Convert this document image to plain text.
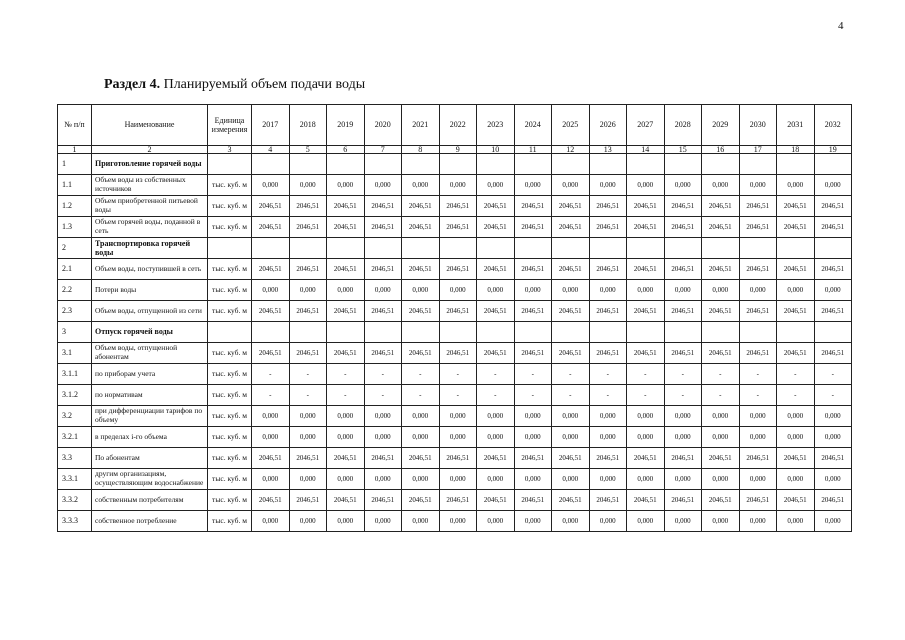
4
Раздел 4. Планируемый объем подачи воды
№ п/п	Наименование	Единица измерения	2017	2018	2019	2020	2021	2022	2023	2024	2025	2026	2027	2028	2029	2030	2031	2032
1	2	3	4	5	6	7	8	9	10	11	12	13	14	15	16	17	18	19
1	Приготовление горячей воды																	
1.1	Объем воды из собственных источников	тыс. куб. м	0,000	0,000	0,000	0,000	0,000	0,000	0,000	0,000	0,000	0,000	0,000	0,000	0,000	0,000	0,000	0,000
1.2	Объем приобретенной питьевой воды	тыс. куб. м	2046,51	2046,51	2046,51	2046,51	2046,51	2046,51	2046,51	2046,51	2046,51	2046,51	2046,51	2046,51	2046,51	2046,51	2046,51	2046,51
1.3	Объем горячей воды, поданной в сеть	тыс. куб. м	2046,51	2046,51	2046,51	2046,51	2046,51	2046,51	2046,51	2046,51	2046,51	2046,51	2046,51	2046,51	2046,51	2046,51	2046,51	2046,51
2	Транспортировка горячей воды																	
2.1	Объем воды, поступившей в сеть	тыс. куб. м	2046,51	2046,51	2046,51	2046,51	2046,51	2046,51	2046,51	2046,51	2046,51	2046,51	2046,51	2046,51	2046,51	2046,51	2046,51	2046,51
2.2	Потери воды	тыс. куб. м	0,000	0,000	0,000	0,000	0,000	0,000	0,000	0,000	0,000	0,000	0,000	0,000	0,000	0,000	0,000	0,000
2.3	Объем воды, отпущенной из сети	тыс. куб. м	2046,51	2046,51	2046,51	2046,51	2046,51	2046,51	2046,51	2046,51	2046,51	2046,51	2046,51	2046,51	2046,51	2046,51	2046,51	2046,51
3	Отпуск горячей воды																	
3.1	Объем воды, отпущенной абонентам	тыс. куб. м	2046,51	2046,51	2046,51	2046,51	2046,51	2046,51	2046,51	2046,51	2046,51	2046,51	2046,51	2046,51	2046,51	2046,51	2046,51	2046,51
3.1.1	по приборам учета	тыс. куб. м	-	-	-	-	-	-	-	-	-	-	-	-	-	-	-	-
3.1.2	по нормативам	тыс. куб. м	-	-	-	-	-	-	-	-	-	-	-	-	-	-	-	-
3.2	при дифференциации тарифов по объему	тыс. куб. м	0,000	0,000	0,000	0,000	0,000	0,000	0,000	0,000	0,000	0,000	0,000	0,000	0,000	0,000	0,000	0,000
3.2.1	в пределах i-го объема	тыс. куб. м	0,000	0,000	0,000	0,000	0,000	0,000	0,000	0,000	0,000	0,000	0,000	0,000	0,000	0,000	0,000	0,000
3.3	По абонентам	тыс. куб. м	2046,51	2046,51	2046,51	2046,51	2046,51	2046,51	2046,51	2046,51	2046,51	2046,51	2046,51	2046,51	2046,51	2046,51	2046,51	2046,51
3.3.1	другим организациям, осуществляющим водоснабжение	тыс. куб. м	0,000	0,000	0,000	0,000	0,000	0,000	0,000	0,000	0,000	0,000	0,000	0,000	0,000	0,000	0,000	0,000
3.3.2	собственным потребителям	тыс. куб. м	2046,51	2046,51	2046,51	2046,51	2046,51	2046,51	2046,51	2046,51	2046,51	2046,51	2046,51	2046,51	2046,51	2046,51	2046,51	2046,51
3.3.3	собственное потребление	тыс. куб. м	0,000	0,000	0,000	0,000	0,000	0,000	0,000	0,000	0,000	0,000	0,000	0,000	0,000	0,000	0,000	0,000
